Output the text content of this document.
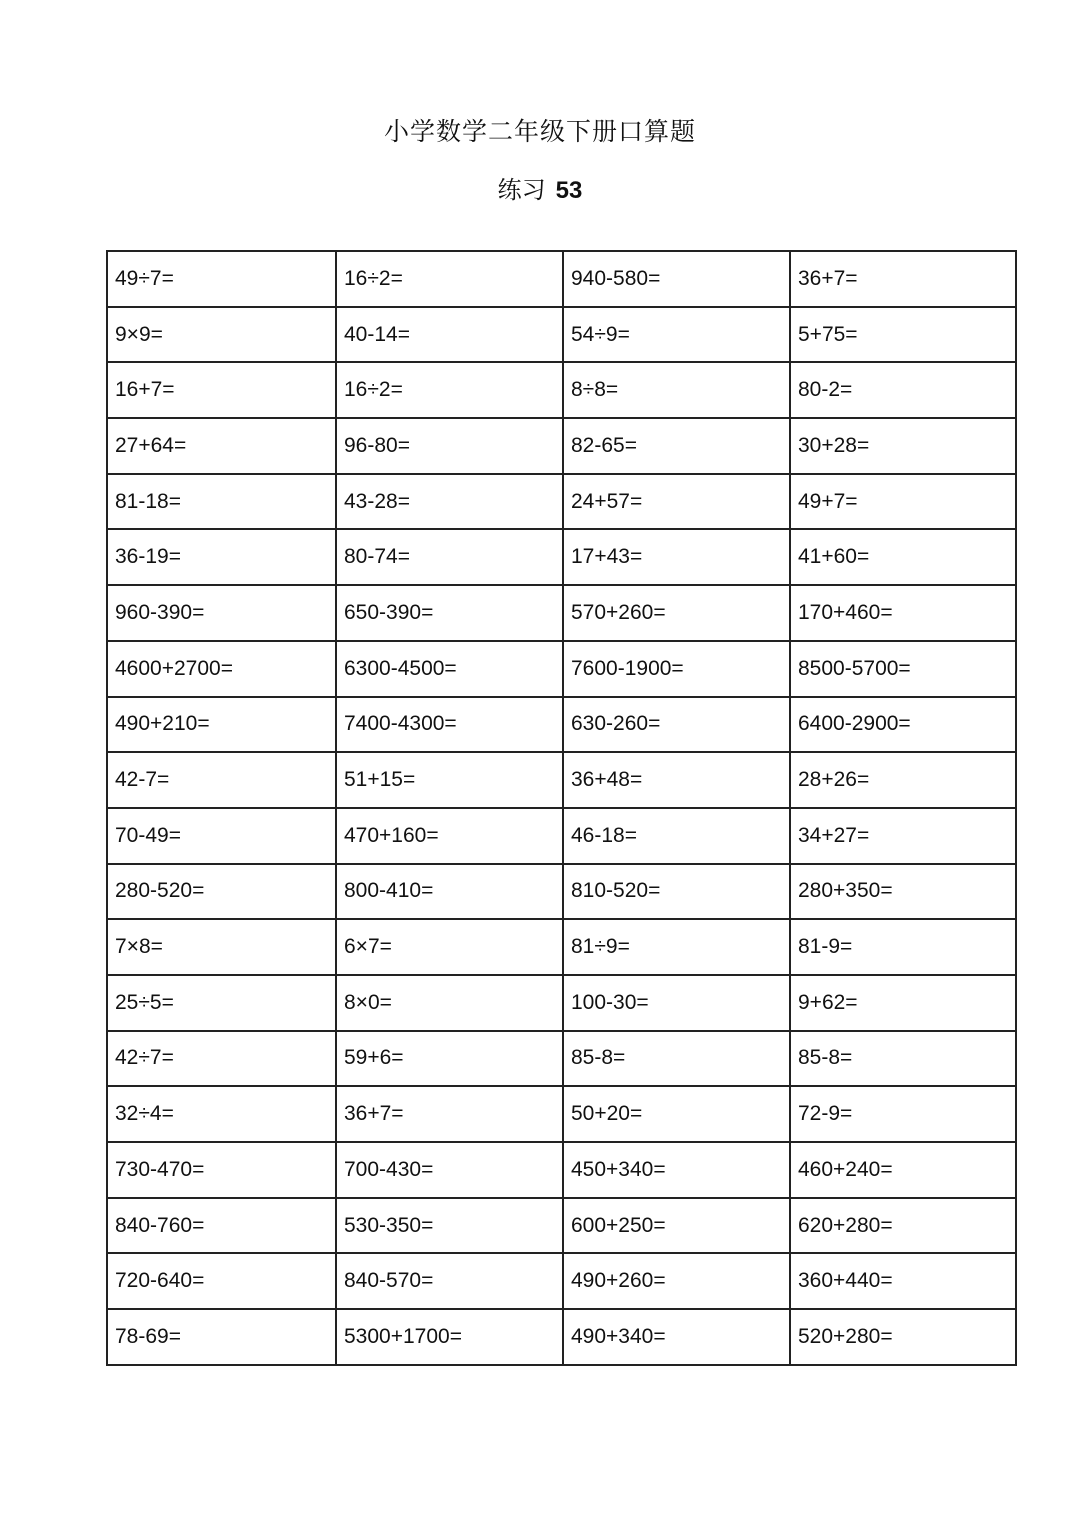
小学数学二年级下册口算题
练习 53
49÷7=	16÷2=	940-580=	36+7=
9×9=	40-14=	54÷9=	5+75=
16+7=	16÷2=	8÷8=	80-2=
27+64=	96-80=	82-65=	30+28=
81-18=	43-28=	24+57=	49+7=
36-19=	80-74=	17+43=	41+60=
960-390=	650-390=	570+260=	170+460=
4600+2700=	6300-4500=	7600-1900=	8500-5700=
490+210=	7400-4300=	630-260=	6400-2900=
42-7=	51+15=	36+48=	28+26=
70-49=	470+160=	46-18=	34+27=
280-520=	800-410=	810-520=	280+350=
7×8=	6×7=	81÷9=	81-9=
25÷5=	8×0=	100-30=	9+62=
42÷7=	59+6=	85-8=	85-8=
32÷4=	36+7=	50+20=	72-9=
730-470=	700-430=	450+340=	460+240=
840-760=	530-350=	600+250=	620+280=
720-640=	840-570=	490+260=	360+440=
78-69=	5300+1700=	490+340=	520+280=
